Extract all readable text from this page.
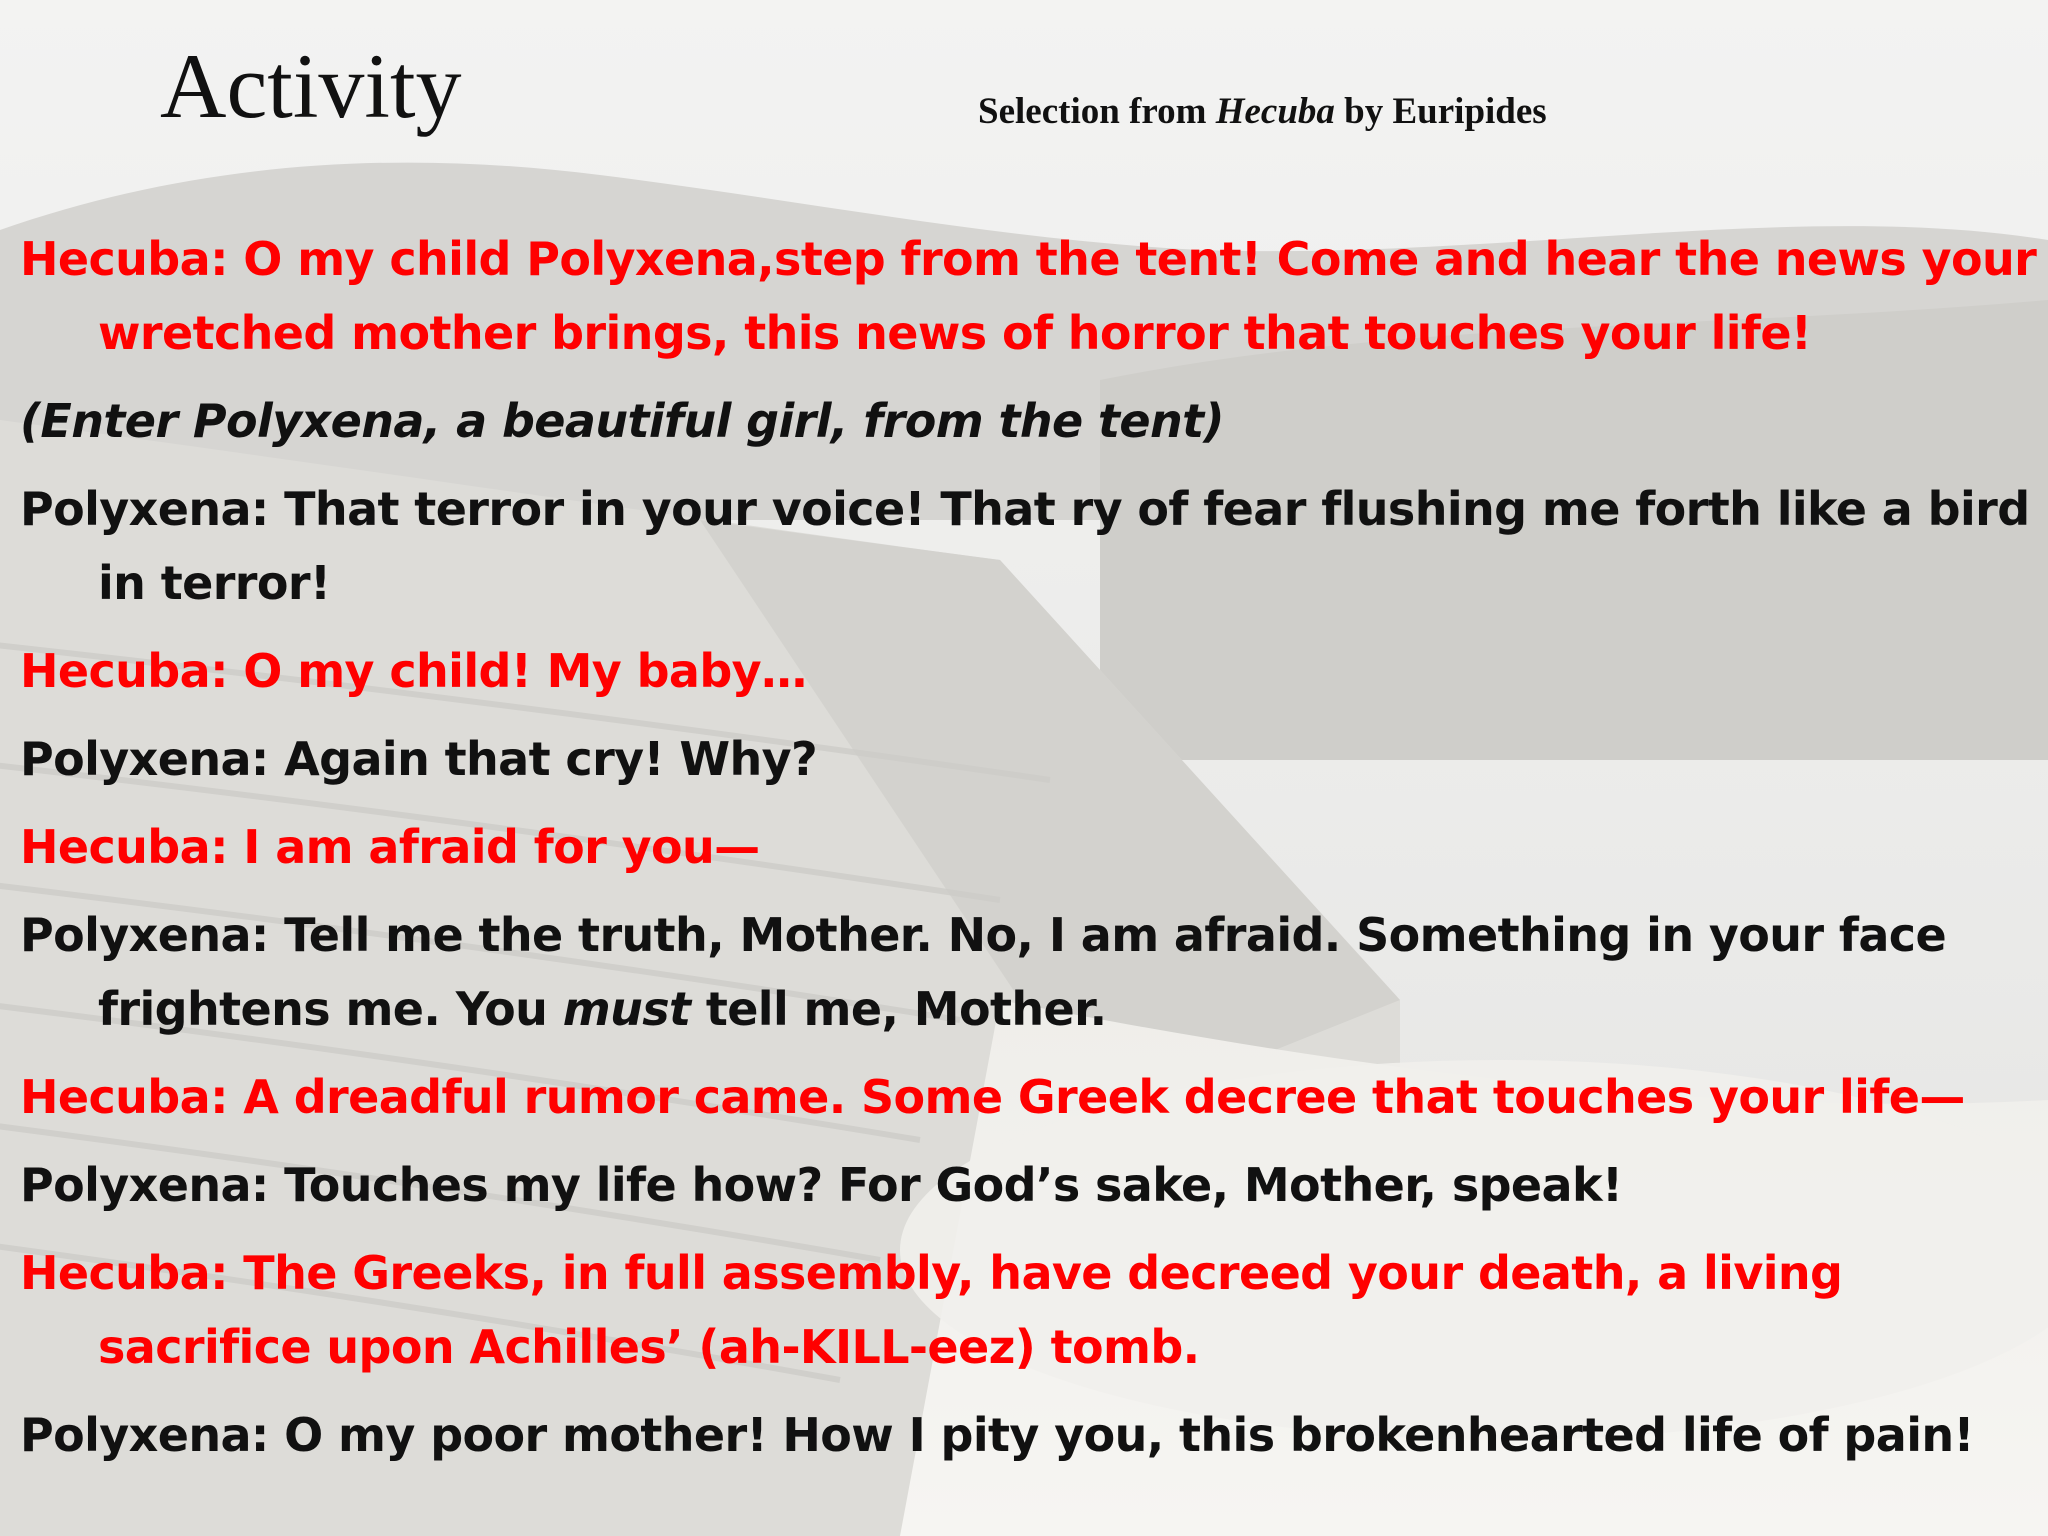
Activity	Selection from Hecuba by Euripides

Hecuba: O my child Polyxena,step from the tent! Come and hear the news your wretched mother brings, this news of horror that touches your life!

(Enter Polyxena, a beautiful girl, from the tent)

Polyxena: That terror in your voice! That ry of fear flushing me forth like a bird in terror!

Hecuba: O my child! My baby…

Polyxena: Again that cry! Why?

Hecuba: I am afraid for you—

Polyxena: Tell me the truth, Mother. No, I am afraid. Something in your face frightens me. You must tell me, Mother.

Hecuba: A dreadful rumor came. Some Greek decree that touches your life—

Polyxena: Touches my life how? For God’s sake, Mother, speak!

Hecuba: The Greeks, in full assembly, have decreed your death, a living sacrifice upon Achilles’ (ah-KILL-eez) tomb.

Polyxena: O my poor mother! How I pity you, this brokenhearted life of pain!
